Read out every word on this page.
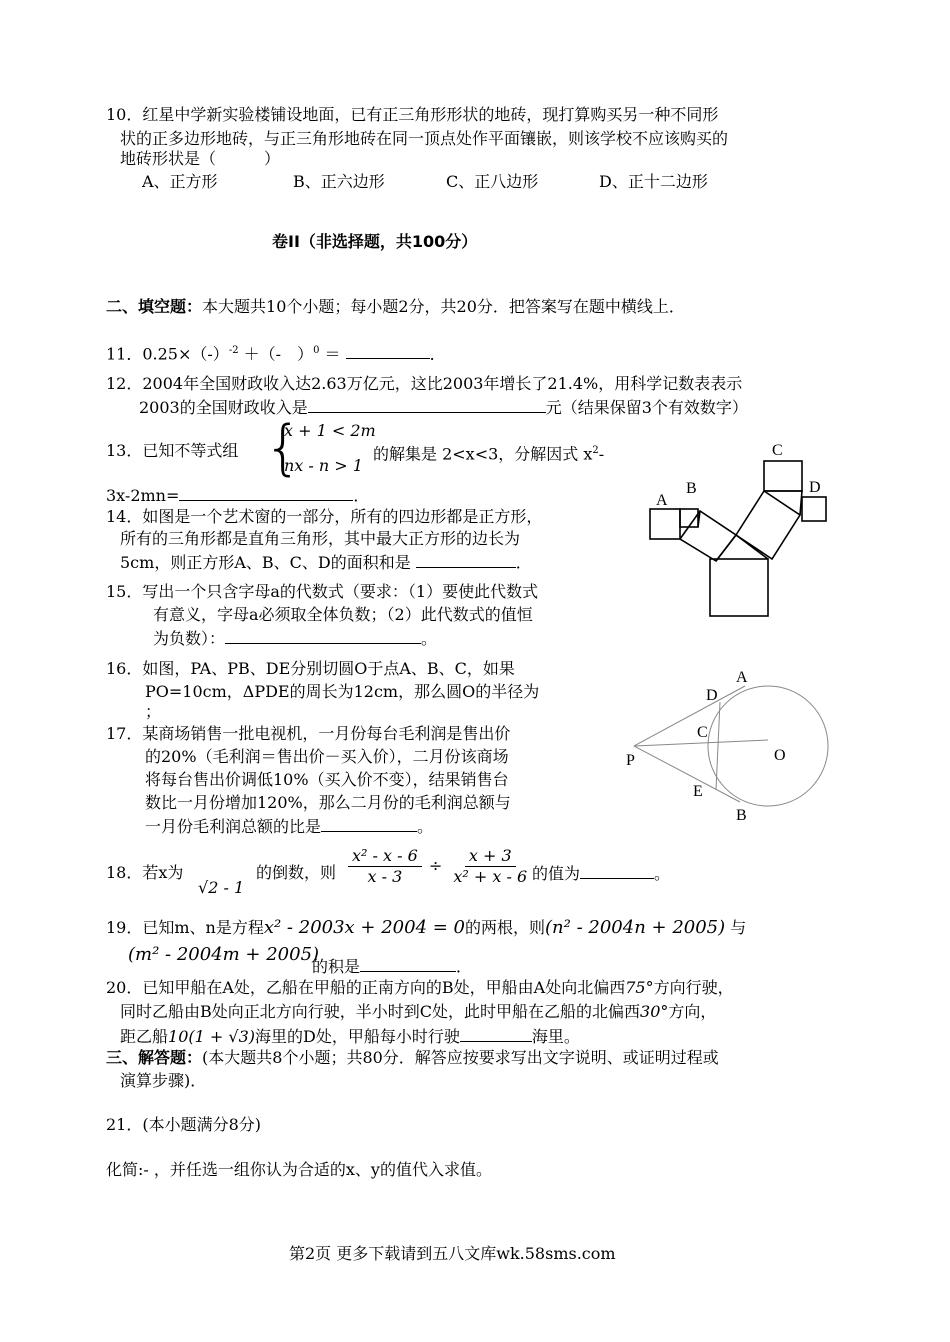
10．红星中学新实验楼铺设地面，已有正三角形形状的地砖，现打算购买另一种不同形
状的正多边形地砖，与正三角形地砖在同一顶点处作平面镶嵌，则该学校不应该购买的
地砖形状是（　　　）
A、正方形	B、正六边形	C、正八边形	D、正十二边形
卷II（非选择题，共100分）
二、填空题：本大题共10个小题；每小题2分，共20分．把答案写在题中横线上．
11．$0.25\times(-)^{-2}$ ＋（-　）$^0$ ＝	．
12．2004年全国财政收入达2.63万亿元，这比2003年增长了21.4%，用科学记数表表示
2003的全国财政收入是	元（结果保留3个有效数字）
13．已知不等式组 {
x + 1 < 2m
nx - n > 1
的解集是 2<x<3，分解因式 $x^2-$
3x-2mn=	．
14．如图是一个艺术窗的一部分，所有的四边形都是正方形，
所有的三角形都是直角三角形，其中最大正方形的边长为
5cm，则正方形A、B、C、D的面积和是	．
A
B
C
D
15．写出一个只含字母a的代数式（要求：（1）要使此代数式
有意义，字母a必须取全体负数；（2）此代数式的值恒
为负数）：	。
16．如图，PA、PB、DE分别切圆O于点A、B、C，如果
PO=10cm，ΔPDE的周长为12cm，那么圆O的半径为
；
A
B
C
D
E
P	O
17．某商场销售一批电视机，一月份每台毛利润是售出价
的20%（毛利润＝售出价－买入价），二月份该商场
将每台售出价调低10%（买入价不变），结果销售台
数比一月份增加120%，那么二月份的毛利润总额与
一月份毛利润总额的比是	。
18．若x为
√2 - 1
的倒数，则 $\frac{\text{x² - x - 6}}{x - 3} \div \frac{x + 3}{\text{x² + x - 6}}$ 的值为	。
19．已知m、n是方程x² - 2003x + 2004 = 0的两根，则(n² - 2004n + 2005) 与
(m² - 2004m + 2005)
的积是	．
20．已知甲船在A处，乙船在甲船的正南方向的B处，甲船由A处向北偏西75°方向行驶，
同时乙船由B处向正北方向行驶，半小时到C处，此时甲船在乙船的北偏西30°方向，
距乙船10(1 + √3)海里的D处，甲船每小时行驶	海里。
三、解答题：(本大题共8个小题；共80分．解答应按要求写出文字说明、或证明过程或
演算步骤)．
21．(本小题满分8分)
化简:- ，并任选一组你认为合适的x、y的值代入求值。
第2页 更多下载请到五八文库wk.58sms.com
